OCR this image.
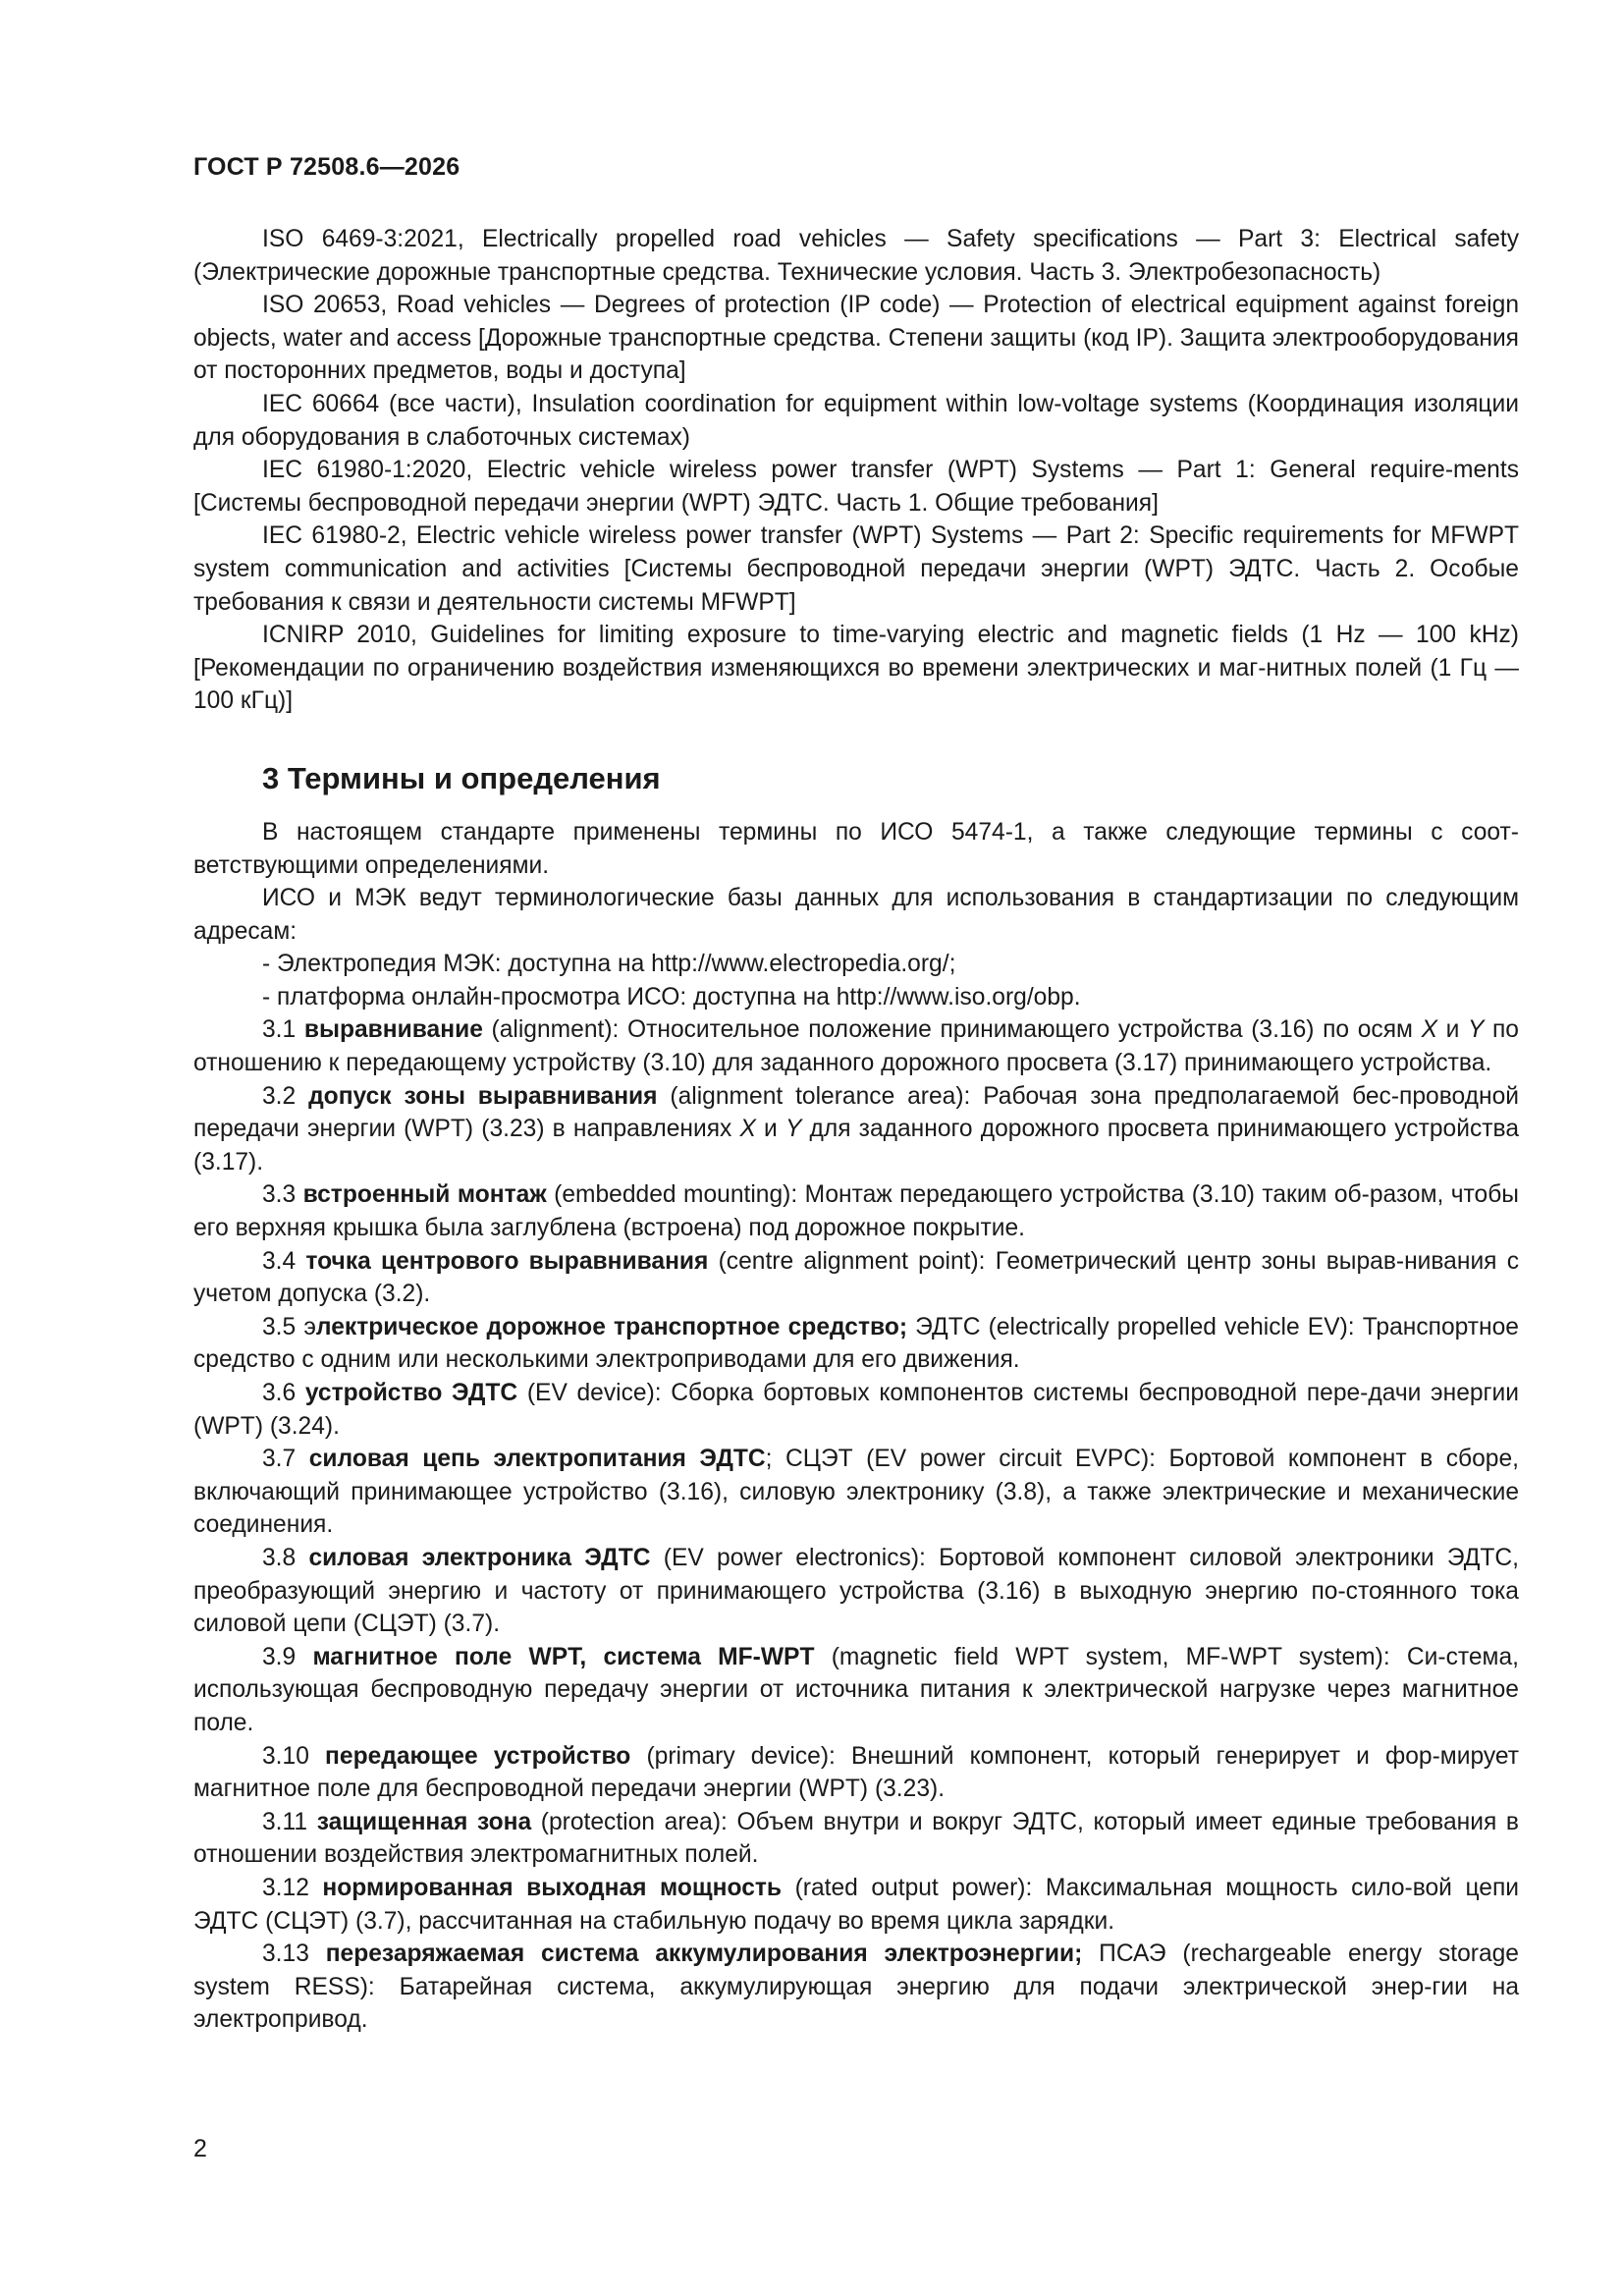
ГОСТ Р 72508.6—2026

ISO 6469-3:2021, Electrically propelled road vehicles — Safety specifications — Part 3: Electrical safety (Электрические дорожные транспортные средства. Технические условия. Часть 3. Электробезопасность)

ISO 20653, Road vehicles — Degrees of protection (IP code) — Protection of electrical equipment against foreign objects, water and access [Дорожные транспортные средства. Степени защиты (код IP). Защита электрооборудования от посторонних предметов, воды и доступа]

IEC 60664 (все части), Insulation coordination for equipment within low-voltage systems (Координация изоляции для оборудования в слаботочных системах)

IEC 61980-1:2020, Electric vehicle wireless power transfer (WPT) Systems — Part 1: General require-ments [Системы беспроводной передачи энергии (WPT) ЭДТС. Часть 1. Общие требования]

IEC 61980-2, Electric vehicle wireless power transfer (WPT) Systems — Part 2: Specific requirements for MFWPT system communication and activities [Системы беспроводной передачи энергии (WPT) ЭДТС. Часть 2. Особые требования к связи и деятельности системы MFWPT]

ICNIRP 2010, Guidelines for limiting exposure to time-varying electric and magnetic fields (1 Hz — 100 kHz) [Рекомендации по ограничению воздействия изменяющихся во времени электрических и маг-нитных полей (1 Гц — 100 кГц)]

3 Термины и определения

В настоящем стандарте применены термины по ИСО 5474-1, а также следующие термины с соот-ветствующими определениями.

ИСО и МЭК ведут терминологические базы данных для использования в стандартизации по следующим адресам:

- Электропедия МЭК: доступна на http://www.electropedia.org/;

- платформа онлайн-просмотра ИСО: доступна на http://www.iso.org/obp.

3.1 выравнивание (alignment): Относительное положение принимающего устройства (3.16) по осям X и Y по отношению к передающему устройству (3.10) для заданного дорожного просвета (3.17) принимающего устройства.

3.2 допуск зоны выравнивания (alignment tolerance area): Рабочая зона предполагаемой бес-проводной передачи энергии (WPT) (3.23) в направлениях X и Y для заданного дорожного просвета принимающего устройства (3.17).

3.3 встроенный монтаж (embedded mounting): Монтаж передающего устройства (3.10) таким об-разом, чтобы его верхняя крышка была заглублена (встроена) под дорожное покрытие.

3.4 точка центрового выравнивания (centre alignment point): Геометрический центр зоны вырав-нивания с учетом допуска (3.2).

3.5 электрическое дорожное транспортное средство; ЭДТС (electrically propelled vehicle EV): Транспортное средство с одним или несколькими электроприводами для его движения.

3.6 устройство ЭДТС (EV device): Сборка бортовых компонентов системы беспроводной пере-дачи энергии (WPT) (3.24).

3.7 силовая цепь электропитания ЭДТС; СЦЭТ (EV power circuit EVPC): Бортовой компонент в сборе, включающий принимающее устройство (3.16), силовую электронику (3.8), а также электрические и механические соединения.

3.8 силовая электроника ЭДТС (EV power electronics): Бортовой компонент силовой электроники ЭДТС, преобразующий энергию и частоту от принимающего устройства (3.16) в выходную энергию по-стоянного тока силовой цепи (СЦЭТ) (3.7).

3.9 магнитное поле WPT, система MF-WPT (magnetic field WPT system, MF-WPT system): Си-стема, использующая беспроводную передачу энергии от источника питания к электрической нагрузке через магнитное поле.

3.10 передающее устройство (primary device): Внешний компонент, который генерирует и фор-мирует магнитное поле для беспроводной передачи энергии (WPT) (3.23).

3.11 защищенная зона (protection area): Объем внутри и вокруг ЭДТС, который имеет единые требования в отношении воздействия электромагнитных полей.

3.12 нормированная выходная мощность (rated output power): Максимальная мощность сило-вой цепи ЭДТС (СЦЭТ) (3.7), рассчитанная на стабильную подачу во время цикла зарядки.

3.13 перезаряжаемая система аккумулирования электроэнергии; ПСАЭ (rechargeable energy storage system RESS): Батарейная система, аккумулирующая энергию для подачи электрической энер-гии на электропривод.

2
